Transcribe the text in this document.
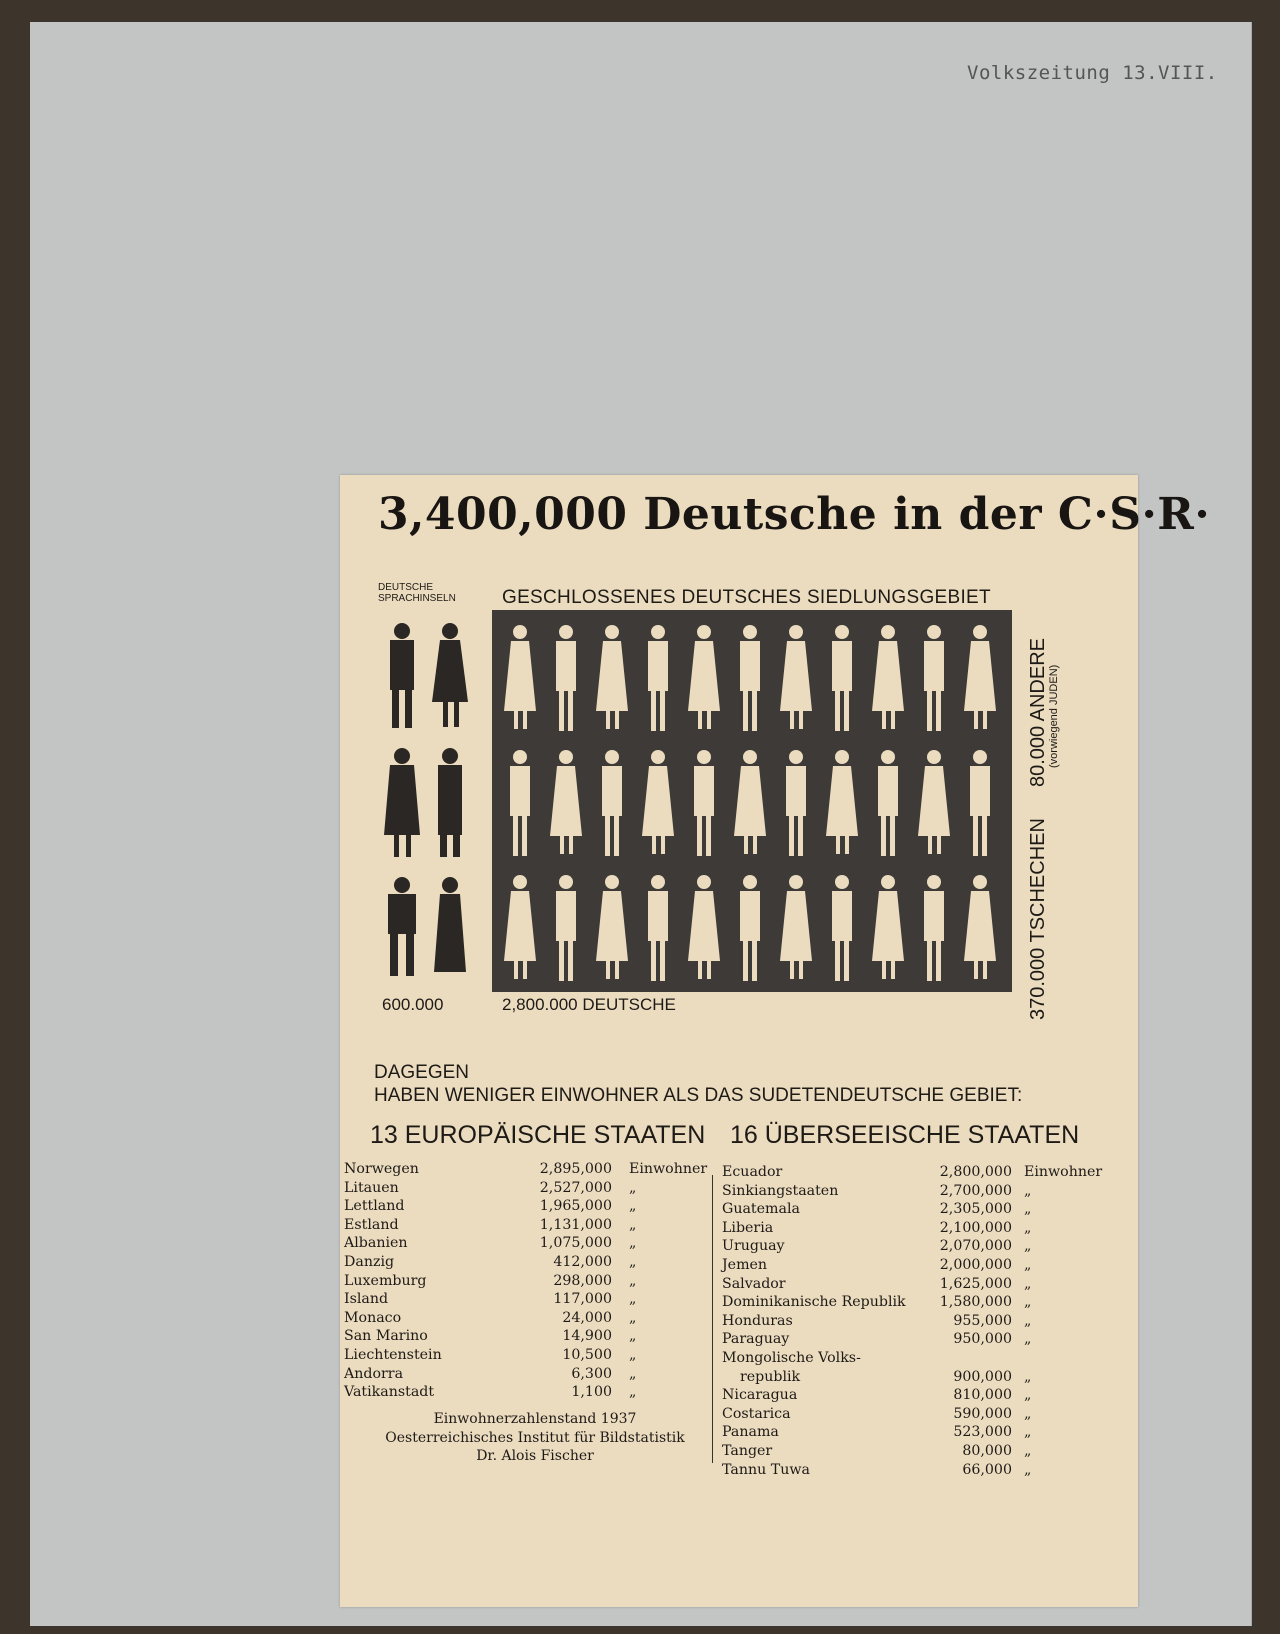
Volkszeitung 13.VIII.
3,400,000 Deutsche in der C·S·R·
DEUTSCHE
SPRACHINSELN GESCHLOSSENES DEUTSCHES SIEDLUNGSGEBIET
80.000 ANDERE (vorwiegend JUDEN)
370.000 TSCHECHEN
600.000	2,800.000 DEUTSCHE
DAGEGEN
HABEN WENIGER EINWOHNER ALS DAS SUDETENDEUTSCHE GEBIET:
13 EUROPÄISCHE STAATEN 16 ÜBERSEEISCHE STAATEN
Norwegen	2,895,000 Einwohner
Litauen	2,527,000 „
Lettland	1,965,000 „
Estland	1,131,000 „
Albanien	1,075,000 „
Danzig	412,000 „
Luxemburg	298,000 „
Island	117,000 „
Monaco	24,000 „
San Marino	14,900 „
Liechtenstein	10,500 „
Andorra	6,300 „
Vatikanstadt	1,100 „
Ecuador	2,800,000 Einwohner
Sinkiangstaaten	2,700,000 „
Guatemala	2,305,000 „
Liberia	2,100,000 „
Uruguay	2,070,000 „
Jemen	2,000,000 „
Salvador	1,625,000 „
Dominikanische Republik	1,580,000 „
Honduras	955,000 „
Paraguay	950,000 „
Mongolische Volks-
republik	900,000 „
Nicaragua	810,000 „
Costarica	590,000 „
Panama	523,000 „
Tanger	80,000 „
Tannu Tuwa	66,000 „
Einwohnerzahlenstand 1937
Oesterreichisches Institut für Bildstatistik
Dr. Alois Fischer
